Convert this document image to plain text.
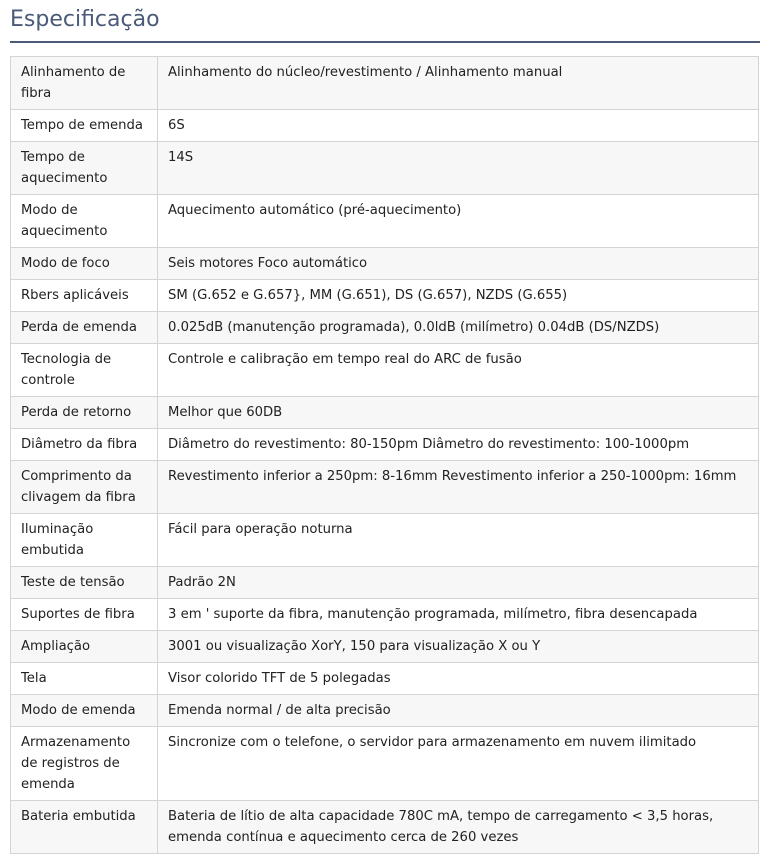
Especificação
Alinhamento de fibra	Alinhamento do núcleo/revestimento / Alinhamento manual
Tempo de emenda	6S
Tempo de aquecimento	14S
Modo de aquecimento	Aquecimento automático (pré-aquecimento)
Modo de foco	Seis motores Foco automático
Rbers aplicáveis	SM (G.652 e G.657}, MM (G.651), DS (G.657), NZDS (G.655)
Perda de emenda	0.025dB (manutenção programada), 0.0ldB (milímetro) 0.04dB (DS/NZDS)
Tecnologia de controle	Controle e calibração em tempo real do ARC de fusão
Perda de retorno	Melhor que 60DB
Diâmetro da fibra	Diâmetro do revestimento: 80-150pm Diâmetro do revestimento: 100-1000pm
Comprimento da clivagem da fibra	Revestimento inferior a 250pm: 8-16mm Revestimento inferior a 250-1000pm: 16mm
Iluminação embutida	Fácil para operação noturna
Teste de tensão	Padrão 2N
Suportes de fibra	3 em ' suporte da fibra, manutenção programada, milímetro, fibra desencapada
Ampliação	3001 ou visualização XorY, 150 para visualização X ou Y
Tela	Visor colorido TFT de 5 polegadas
Modo de emenda	Emenda normal / de alta precisão
Armazenamento de registros de emenda	Sincronize com o telefone, o servidor para armazenamento em nuvem ilimitado
Bateria embutida	Bateria de lítio de alta capacidade 780C mA, tempo de carregamento < 3,5 horas, emenda contínua e aquecimento cerca de 260 vezes
